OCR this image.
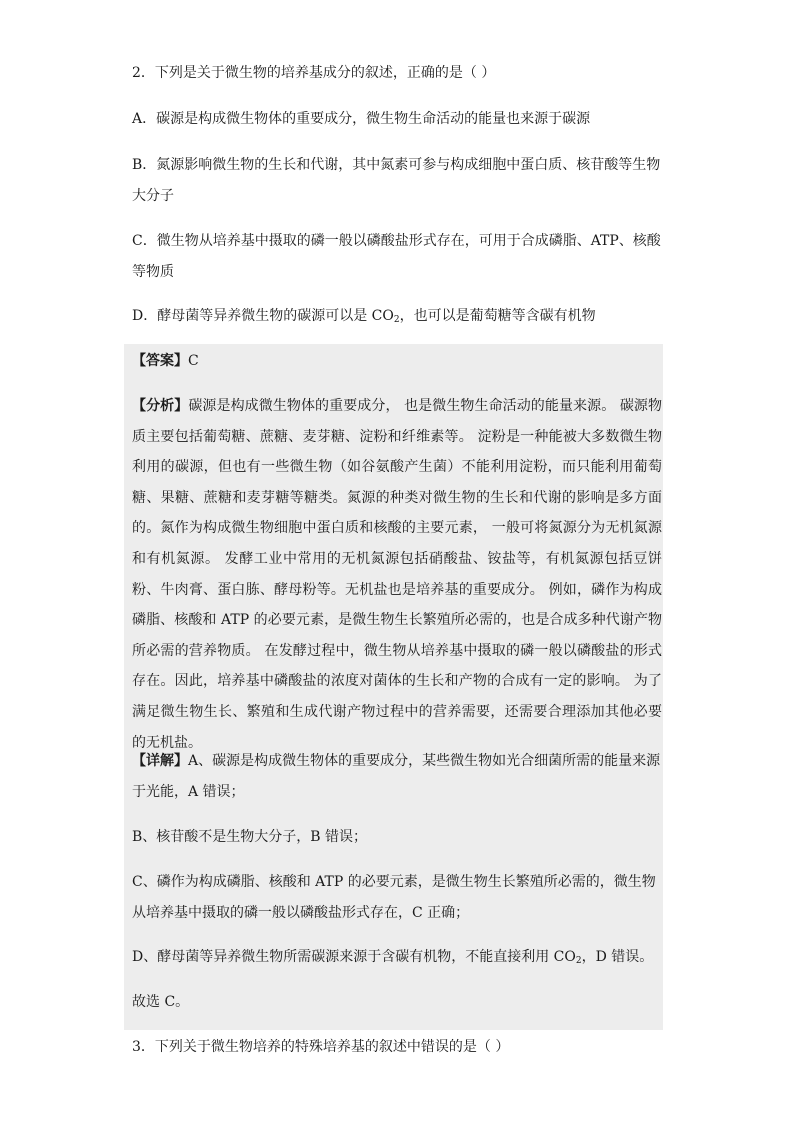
2．下列是关于微生物的培养基成分的叙述，正确的是（ ）

A．碳源是构成微生物体的重要成分，微生物生命活动的能量也来源于碳源

B．氮源影响微生物的生长和代谢，其中氮素可参与构成细胞中蛋白质、核苷酸等生物大分子

C．微生物从培养基中摄取的磷一般以磷酸盐形式存在，可用于合成磷脂、ATP、核酸等物质

D．酵母菌等异养微生物的碳源可以是 $CO_2$，也可以是葡萄糖等含碳有机物

【答案】C

【分析】碳源是构成微生物体的重要成分， 也是微生物生命活动的能量来源。 碳源物质主要包括葡萄糖、蔗糖、麦芽糖、淀粉和纤维素等。 淀粉是一种能被大多数微生物利用的碳源，但也有一些微生物（如谷氨酸产生菌）不能利用淀粉，而只能利用葡萄糖、果糖、蔗糖和麦芽糖等糖类。氮源的种类对微生物的生长和代谢的影响是多方面的。氮作为构成微生物细胞中蛋白质和核酸的主要元素， 一般可将氮源分为无机氮源和有机氮源。 发酵工业中常用的无机氮源包括硝酸盐、铵盐等，有机氮源包括豆饼粉、牛肉膏、蛋白胨、酵母粉等。无机盐也是培养基的重要成分。 例如，磷作为构成磷脂、核酸和 ATP 的必要元素，是微生物生长繁殖所必需的，也是合成多种代谢产物所必需的营养物质。 在发酵过程中，微生物从培养基中摄取的磷一般以磷酸盐的形式存在。因此，培养基中磷酸盐的浓度对菌体的生长和产物的合成有一定的影响。 为了满足微生物生长、繁殖和生成代谢产物过程中的营养需要，还需要合理添加其他必要的无机盐。

【详解】A、碳源是构成微生物体的重要成分，某些微生物如光合细菌所需的能量来源于光能，A 错误；

B、核苷酸不是生物大分子，B 错误；

C、磷作为构成磷脂、核酸和 ATP 的必要元素，是微生物生长繁殖所必需的，微生物从培养基中摄取的磷一般以磷酸盐形式存在，C 正确；

D、酵母菌等异养微生物所需碳源来源于含碳有机物，不能直接利用 $CO_2$，D 错误。

故选 C。

3．下列关于微生物培养的特殊培养基的叙述中错误的是（ ）
